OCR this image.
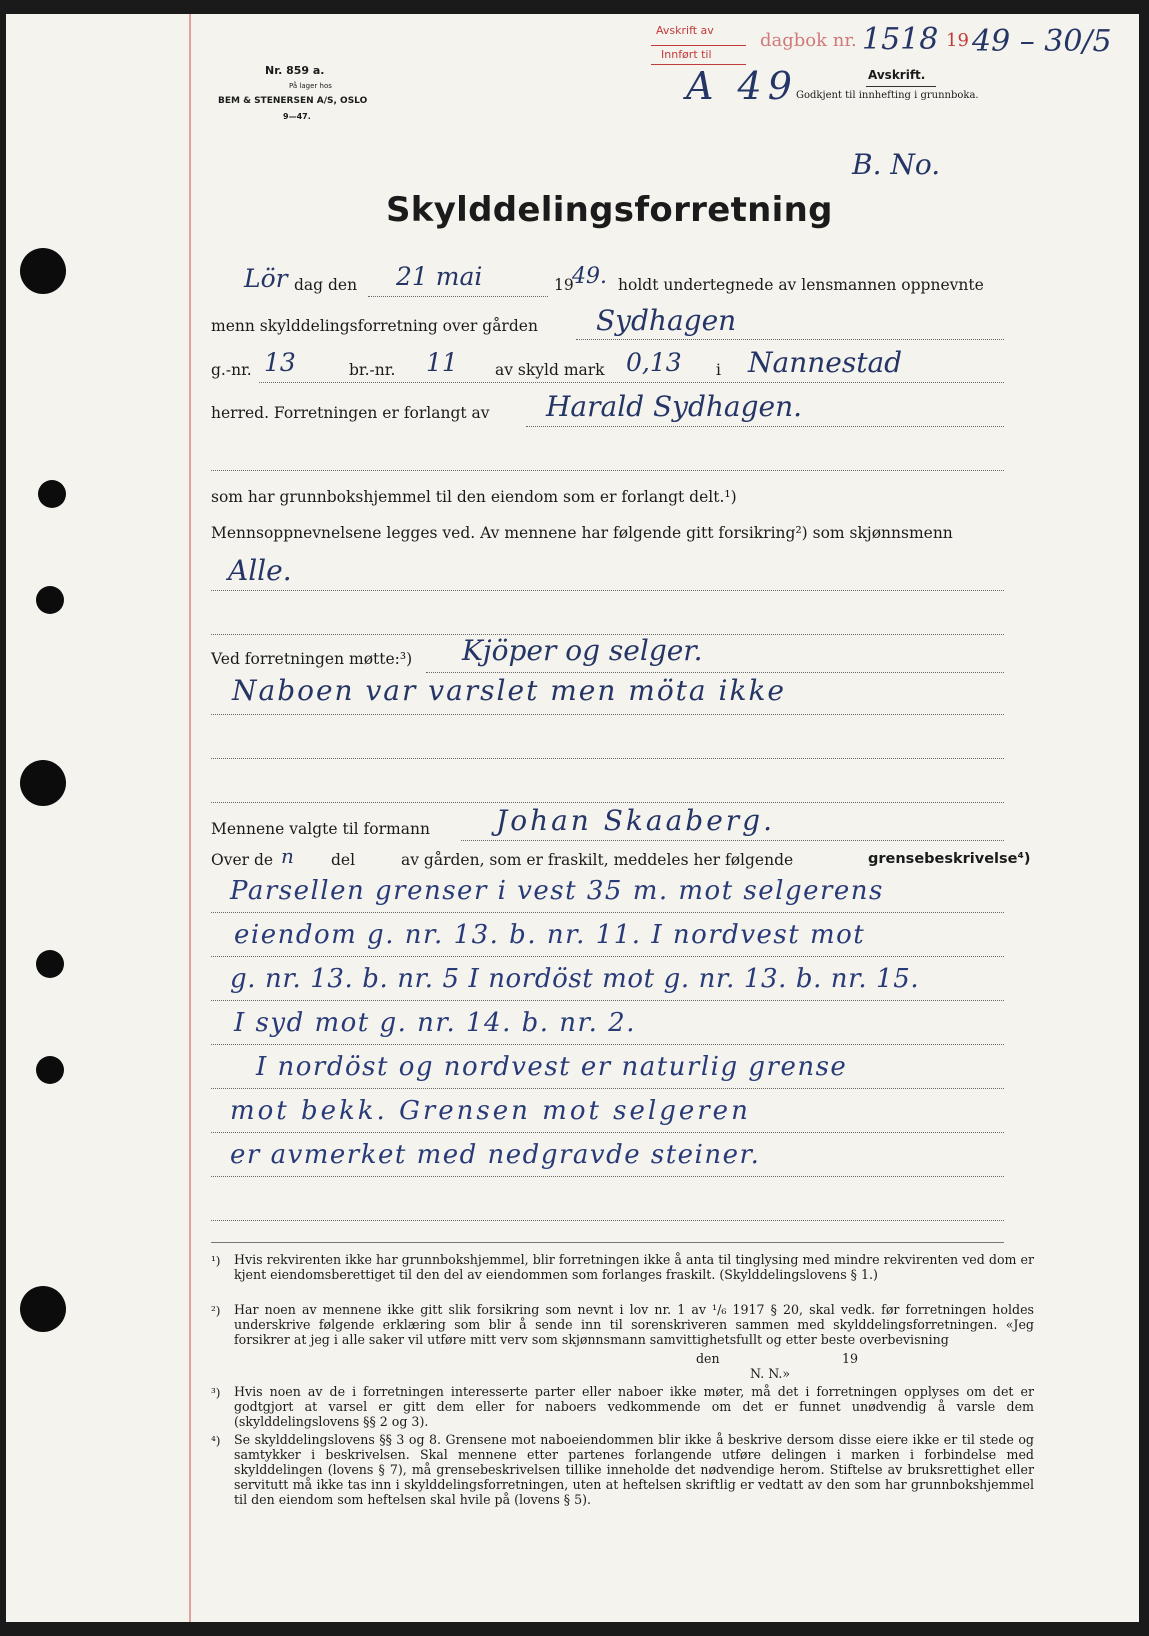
Nr. 859 a.
På lager hos
BEM & STENERSEN A/S, OSLO
9—47.
Avskrift av
Innført til
dagbok nr. 1518 19 49 – 30/5
A 49	Avskrift.
Godkjent til innhefting i grunnboka.
B. No.
Skylddelingsforretning
Lör dag den 21 mai	19
49. holdt undertegnede av lensmannen oppnevnte
menn skylddelingsforretning over gården Sydhagen
g.-nr. 13	br.-nr. 11 av skyld mark 0,13 i Nannestad
herred. Forretningen er forlangt av Harald Sydhagen.
som har grunnbokshjemmel til den eiendom som er forlangt delt.¹)
Mennsoppnevnelsene legges ved. Av mennene har følgende gitt forsikring²) som skjønnsmenn
Alle.
Ved forretningen møtte:³) Kjöper og selger.
Naboen var varslet men möta ikke
Mennene valgte til formann Johan Skaaberg.
Over de n del	av gården, som er fraskilt, meddeles her følgende	grensebeskrivelse⁴)
Parsellen grenser i vest 35 m. mot selgerens
eiendom g. nr. 13. b. nr. 11. I nordvest mot
g. nr. 13. b. nr. 5 I nordöst mot g. nr. 13. b. nr. 15.
I syd mot g. nr. 14. b. nr. 2.
I nordöst og nordvest er naturlig grense
mot bekk. Grensen mot selgeren
er avmerket med nedgravde steiner.
¹) Hvis rekvirenten ikke har grunnbokshjemmel, blir forretningen ikke å anta til tinglysing med mindre rekvirenten ved dom er kjent eiendomsberettiget til den del av eiendommen som forlanges fraskilt. (Skylddelingslovens § 1.)
²) Har noen av mennene ikke gitt slik forsikring som nevnt i lov nr. 1 av ¹/₆ 1917 § 20, skal vedk. før forretningen holdes underskrive følgende erklæring som blir å sende inn til sorenskriveren sammen med skylddelingsforretningen. «Jeg forsikrer at jeg i alle saker vil utføre mitt verv som skjønnsmann samvittighetsfullt og etter beste overbevisning
den	19
N. N.»
³) Hvis noen av de i forretningen interesserte parter eller naboer ikke møter, må det i forretningen opplyses om det er godtgjort at varsel er gitt dem eller for naboers vedkommende om det er funnet unødvendig å varsle dem (skylddelingslovens §§ 2 og 3).
⁴) Se skylddelingslovens §§ 3 og 8. Grensene mot naboeiendommen blir ikke å beskrive dersom disse eiere ikke er til stede og samtykker i beskrivelsen. Skal mennene etter partenes forlangende utføre delingen i marken i forbindelse med skylddelingen (lovens § 7), må grensebeskrivelsen tillike inneholde det nødvendige herom. Stiftelse av bruksrettighet eller servitutt må ikke tas inn i skylddelingsforretningen, uten at heftelsen skriftlig er vedtatt av den som har grunnbokshjemmel til den eiendom som heftelsen skal hvile på (lovens § 5).
